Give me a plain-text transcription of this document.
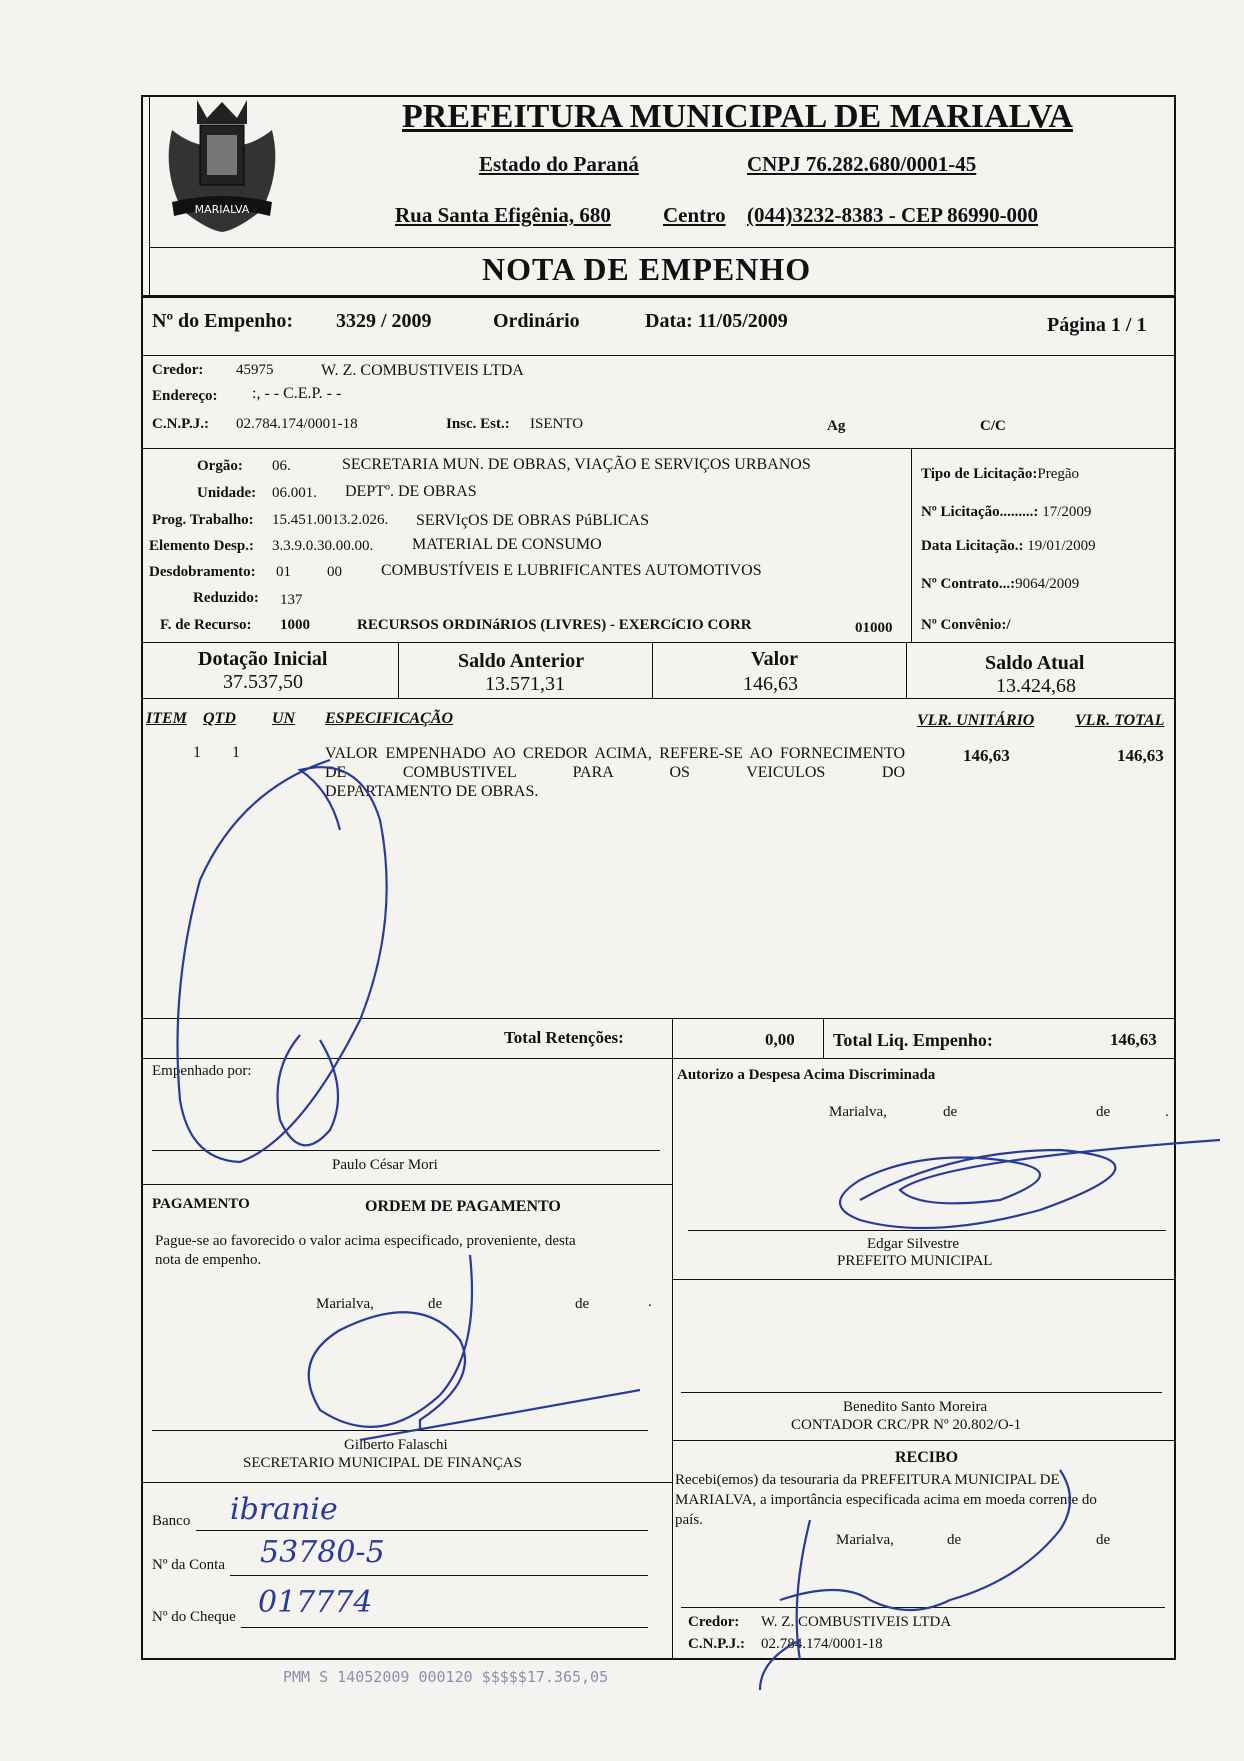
MARIALVA
PREFEITURA MUNICIPAL DE MARIALVA
Estado do Paraná	CNPJ 76.282.680/0001-45
Rua Santa Efigênia, 680 Centro (044)3232-8383 - CEP 86990-000
NOTA DE EMPENHO
Nº do Empenho: 3329 / 2009	Ordinário	Data: 11/05/2009	Página 1 / 1
Credor: 45975	W. Z. COMBUSTIVEIS LTDA
Endereço: :, - - C.E.P. - -
C.N.P.J.: 02.784.174/0001-18	Insc. Est.: ISENTO	Ag	C/C
Orgão: 06.	SECRETARIA MUN. DE OBRAS, VIAÇÃO E SERVIÇOS URBANOS
Unidade: 06.001. DEPTº. DE OBRAS
Prog. Trabalho: 15.451.0013.2.026. SERVIçOS DE OBRAS PúBLICAS
Elemento Desp.: 3.3.9.0.30.00.00. MATERIAL DE CONSUMO
Desdobramento: 01 00 COMBUSTÍVEIS E LUBRIFICANTES AUTOMOTIVOS
Reduzido: 137
F. de Recurso: 1000	RECURSOS ORDINáRIOS (LIVRES) - EXERCíCIO CORR	01000
Tipo de Licitação:Pregão
Nº Licitação.........: 17/2009
Data Licitação.: 19/01/2009
Nº Contrato...:9064/2009
Nº Convênio:/
Dotação Inicial
37.537,50
Saldo Anterior
13.571,31
Valor
146,63
Saldo Atual
13.424,68
ITEM QTD UN ESPECIFICAÇÃO	VLR. UNITÁRIO	VLR. TOTAL
1 1	VALOR EMPENHADO AO CREDOR ACIMA, REFERE-SE AO FORNECIMENTO DE COMBUSTIVEL PARA OS VEICULOS DO
DEPARTAMENTO DE OBRAS.
146,63	146,63
Total Retenções:	0,00 Total Liq. Empenho:	146,63
Empenhado por:
Paulo César Mori
Autorizo a Despesa Acima Discriminada
Marialva,	de	de	.
Edgar Silvestre
PREFEITO MUNICIPAL
PAGAMENTO	ORDEM DE PAGAMENTO
Pague-se ao favorecido o valor acima especificado, proveniente, desta
nota de empenho.
Marialva,	de	de	.
Gilberto Falaschi
SECRETARIO MUNICIPAL DE FINANÇAS
Benedito Santo Moreira
CONTADOR CRC/PR Nº 20.802/O-1
RECIBO
Recebi(emos) da tesouraria da PREFEITURA MUNICIPAL DE
MARIALVA, a importância especificada acima em moeda corrente do
país.
Marialva,	de	de
Credor: W. Z. COMBUSTIVEIS LTDA
C.N.P.J.: 02.784.174/0001-18
Banco ibranie
Nº da Conta 53780-5
Nº do Cheque 017774
PMM S 14052009 000120 $$$$$17.365,05
